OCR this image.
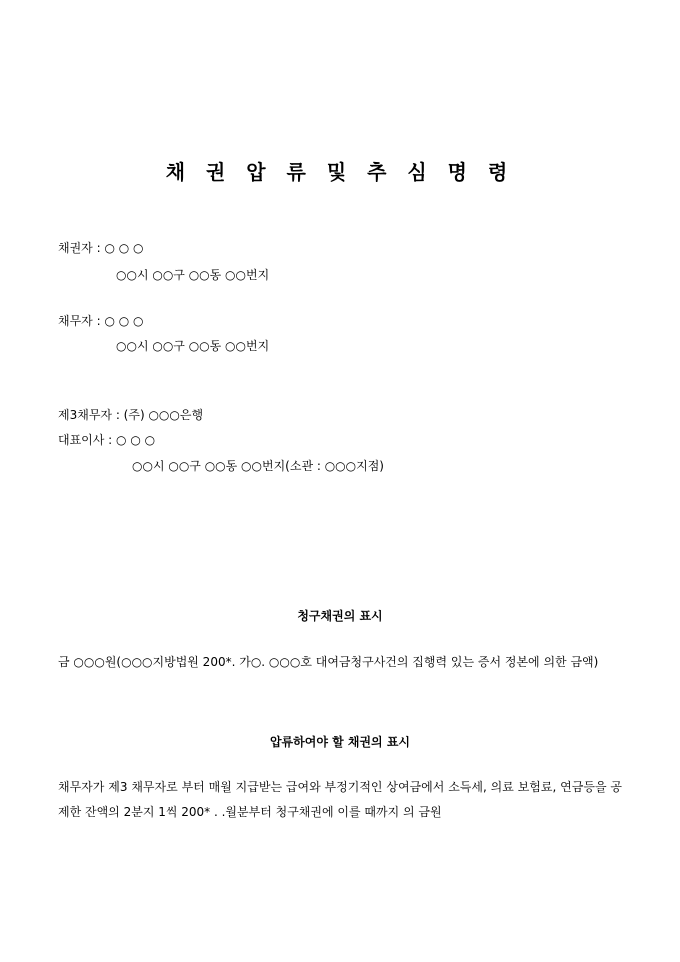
채 권 압 류 및 추 심 명 령
채권자 : ○ ○ ○
○○시 ○○구 ○○동 ○○번지
채무자 : ○ ○ ○
○○시 ○○구 ○○동 ○○번지
제3채무자 : (주) ○○○은행
대표이사 : ○ ○ ○
○○시 ○○구 ○○동 ○○번지(소관 : ○○○지점)
청구채권의 표시
금 ○○○원(○○○지방법원 200*. 가○. ○○○호 대여금청구사건의 집행력 있는 증서 정본에 의한 금액)
압류하여야 할 채권의 표시
채무자가 제3 채무자로 부터 매월 지급받는 급여와 부정기적인 상여금에서 소득세, 의료 보험료, 연금등을 공제한 잔액의 2분지 1씩 200* . .월분부터 청구채권에 이를 때까지 의 금원
